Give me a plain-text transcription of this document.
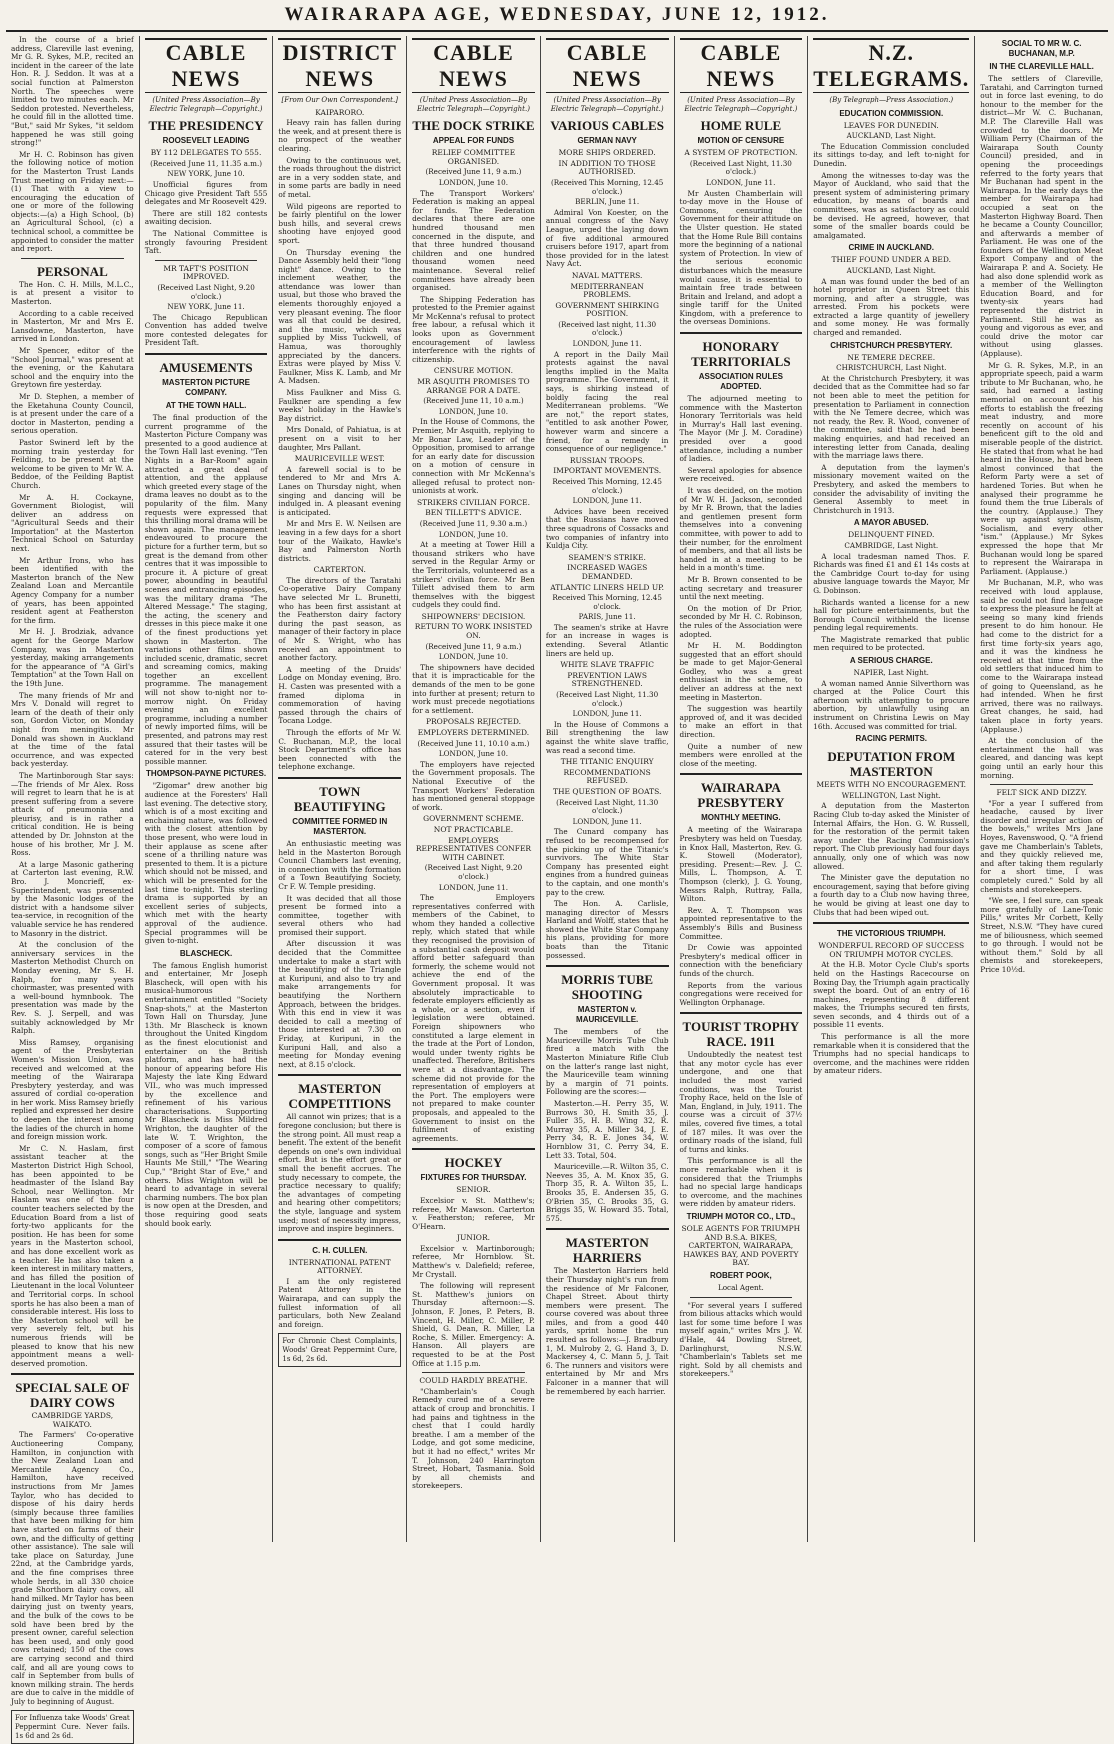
WAIRARAPA AGE, WEDNESDAY, JUNE 12, 1912.

In the course of a brief address, Clareville last evening, Mr G. R. Sykes, M.P., recited an incident in the career of the late Hon. R. J. Seddon. It was at a social function at Palmerston North. The speeches were limited to two minutes each. Mr Seddon protested. Nevertheless, he could fill in the allotted time. "But," said Mr Sykes, "it seldom happened he was still going strong!"

Mr H. C. Robinson has given the following notice of motion for the Masterton Trust Lands Trust meeting on Friday next:—(1) That with a view to encouraging the education of one or more of the following objects:—(a) a High School, (b) an Agricultural School, (c) a technical school, a committee be appointed to consider the matter and report.

PERSONAL

The Hon. C. H. Mills, M.L.C., is at present a visitor to Masterton.

According to a cable received in Masterton, Mr and Mrs E. Lansdowne, Masterton, have arrived in London.

Mr Spencer, editor of the "School Journal," was present at the evening, or the Kahutara school and the enquiry into the Greytown fire yesterday.

Mr D. Stephen, a member of the Eketahuna County Council, is at present under the care of a doctor in Masterton, pending a serious operation.

Pastor Swinerd left by the morning train yesterday for Feilding, to be present at the welcome to be given to Mr W. A. Beddoe, of the Feilding Baptist Church.

Mr A. H. Cockayne, Government Biologist, will deliver an address on "Agricultural Seeds and their Importation" at the Masterton Technical School on Saturday next.

Mr Arthur Irons, who has been identified with the Masterton branch of the New Zealand Loan and Mercantile Agency Company for a number of years, has been appointed resident agent at Featherston for the firm.

Mr H. J. Brodziak, advance agent for the George Marlow Company, was in Masterton yesterday, making arrangements for the appearance of "A Girl's Temptation" at the Town Hall on the 19th June.

The many friends of Mr and Mrs V. Donald will regret to learn of the death of their only son, Gordon Victor, on Monday night from meningitis. Mr Donald was shown in Auckland at the time of the fatal occurrence, and was expected back yesterday.

The Martinborough Star says:—The friends of Mr Alex. Ross will regret to learn that he is at present suffering from a severe attack of pneumonia and pleurisy, and is in rather a critical condition. He is being attended by Dr. Johnston at the house of his brother, Mr J. M. Ross.

At a large Masonic gathering at Carterton last evening, R.W. Bro. J. Moncrieff, ex-Superintendent, was presented by the Masonic lodges of the district with a handsome silver tea-service, in recognition of the valuable service he has rendered to Masonry in the district.

At the conclusion of the anniversary services in the Masterton Methodist Church on Monday evening, Mr S. H. Ralph, for many years choirmaster, was presented with a well-bound hymnbook. The presentation was made by the Rev. S. J. Serpell, and was suitably acknowledged by Mr Ralph.

Miss Ramsey, organising agent of the Presbyterian Women's Mission Union, was received and welcomed at the meeting of the Wairarapa Presbytery yesterday, and was assured of cordial co-operation in her work. Miss Ramsey briefly replied and expressed her desire to deepen the interest among the ladies of the church in home and foreign mission work.

Mr C. N. Haslam, first assistant teacher at the Masterton District High School, has been appointed to be headmaster of the Island Bay School, near Wellington. Mr Haslam was one of the four counter teachers selected by the Education Board from a list of forty-two applicants for the position. He has been for some years in the Masterton school, and has done excellent work as a teacher. He has also taken a keen interest in military matters, and has filled the position of Lieutenant in the local Volunteer and Territorial corps. In school sports he has also been a man of considerable interest. His loss to the Masterton school will be very severely felt, but his numerous friends will be pleased to know that his new appointment means a well-deserved promotion.

SPECIAL SALE OF DAIRY COWS
CAMBRIDGE YARDS, WAIKATO.

The Farmers' Co-operative Auctioneering Company, Hamilton, in conjunction with the New Zealand Loan and Mercantile Agency Co., Hamilton, have received instructions from Mr James Taylor, who has decided to dispose of his dairy herds (simply because three families that have been milking for him have started on farms of their own, and the difficulty of getting other assistance). The sale will take place on Saturday, June 22nd, at the Cambridge yards, and the fine comprises three whole herds, in all 330 choice grade Shorthorn dairy cows, all hand milked. Mr Taylor has been dairying just on twenty years, and the bulk of the cows to be sold have been bred by the present owner, careful selection has been used, and only good cows retained; 150 of the cows are carrying second and third calf, and all are young cows to calf in September from bulls of known milking strain. The herds are due to calve in the middle of July to beginning of August.

For Influenza take Woods' Great Peppermint Cure. Never fails. 1s 6d and 2s 6d.
CABLE NEWS
(United Press Association—By Electric Telegraph—Copyright.)
THE PRESIDENCY
ROOSEVELT LEADING
BY 112 DELEGATES TO 555.
(Received June 11, 11.35 a.m.)
NEW YORK, June 10.

Unofficial figures from Chicago give President Taft 555 delegates and Mr Roosevelt 429.

There are still 182 contests awaiting decision.

The National Committee is strongly favouring President Taft.

MR TAFT'S POSITION IMPROVED.
(Received Last Night, 9.20 o'clock.)
NEW YORK, June 11.

The Chicago Republican Convention has added twelve more contested delegates for President Taft.

AMUSEMENTS
MASTERTON PICTURE COMPANY.
AT THE TOWN HALL.

The final production of the current programme of the Masterton Picture Company was presented to a good audience at the Town Hall last evening. "Ten Nights in a Bar-Room" again attracted a great deal of attention, and the applause which greeted every stage of the drama leaves no doubt as to the popularity of the film. Many requests were expressed that this thrilling moral drama will be shown again. The management endeavoured to procure the picture for a further term, but so great is the demand from other centres that it was impossible to procure it. A picture of great power, abounding in beautiful scenes and entrancing episodes, was the military drama "The Altered Message." The staging, the acting, the scenery and dresses in this piece make it one of the finest productions yet shown in Masterton. The variations other films shown included scenic, dramatic, secret and screaming comics, making together an excellent programme. The management will not show to-night nor to-morrow night. On Friday evening an excellent programme, including a number of newly imported films, will be presented, and patrons may rest assured that their tastes will be catered for in the very best possible manner.

THOMPSON-PAYNE PICTURES.

"Zigomar" drew another big audience at the Foresters' Hall last evening. The detective story, which is of a most exciting and enchaining nature, was followed with the closest attention by those present, who were loud in their applause as scene after scene of a thrilling nature was presented to them. It is a picture which should not be missed, and which will be presented for the last time to-night. This sterling drama is supported by an excellent series of subjects, which met with the hearty approval of the audience. Special programmes will be given to-night.

BLASCHECK.

The famous English humorist and entertainer, Mr Joseph Blascheck, will open with his musical-humorous entertainment entitled "Society Snap-shots," at the Masterton Town Hall on Thursday, June 13th. Mr Blascheck is known throughout the United Kingdom as the finest elocutionist and entertainer on the British platform, and has had the honour of appearing before His Majesty the late King Edward VII., who was much impressed by the excellence and refinement of his various characterisations. Supporting Mr Blascheck is Miss Mildred Wrighton, the daughter of the late W. T. Wrighton, the composer of a score of famous songs, such as "Her Bright Smile Haunts Me Still," "The Wearing Cup," "Bright Star of Eve," and others. Miss Wrighton will be heard to advantage in several charming numbers. The box plan is now open at the Dresden, and those requiring good seats should book early.

DISTRICT NEWS
[From Our Own Correspondent.]
KAIPARORO.

Heavy rain has fallen during the week, and at present there is no prospect of the weather clearing.

Owing to the continuous wet, the roads throughout the district are in a very sodden state, and in some parts are badly in need of metal.

Wild pigeons are reported to be fairly plentiful on the lower bush hills, and several crews shooting have enjoyed good sport.

On Thursday evening the Dance Assembly held their "long night" dance. Owing to the inclement weather, the attendance was lower than usual, but those who braved the elements thoroughly enjoyed a very pleasant evening. The floor was all that could be desired, and the music, which was supplied by Miss Tuckwell, of Hamua, was thoroughly appreciated by the dancers. Extras were played by Miss V. Faulkner, Miss K. Lamb, and Mr A. Madsen.

Miss Faulkner and Miss G. Faulkner are spending a few weeks' holiday in the Hawke's Bay district.

Mrs Donald, of Pahiatua, is at present on a visit to her daughter, Mrs Pallant.

MAURICEVILLE WEST.

A farewell social is to be tendered to Mr and Mrs A. Lanes on Thursday night, when singing and dancing will be indulged in. A pleasant evening is anticipated.

Mr and Mrs E. W. Neilsen are leaving in a few days for a short tour of the Waikato, Hawke's Bay and Palmerston North districts.

CARTERTON.

The directors of the Taratahi Co-operative Dairy Company have selected Mr L. Brunetti, who has been first assistant at the Featherston dairy factory during the past season, as manager of their factory in place of Mr S. Wright, who has received an appointment to another factory.

A meeting of the Druids' Lodge on Monday evening, Bro. H. Casten was presented with a framed diploma in commemoration of having passed through the chairs of Tocana Lodge.

Through the efforts of Mr W. C. Buchanan, M.P., the local Stock Department's office has been connected with the telephone exchange.

TOWN BEAUTIFYING
COMMITTEE FORMED IN MASTERTON.

An enthusiastic meeting was held in the Masterton Borough Council Chambers last evening, in connection with the formation of a Town Beautifying Society, Cr F. W. Temple presiding.

It was decided that all those present be formed into a committee, together with several others who had promised their support.

After discussion it was decided that the Committee undertake to make a start with the beautifying of the Triangle at Kuripuni, and also to try and make arrangements for beautifying the Northern Approach, between the bridges. With this end in view it was decided to call a meeting of those interested at 7.30 on Friday, at Kuripuni, in the Kuripuni Hall, and also a meeting for Monday evening next, at 8.15 o'clock.

MASTERTON COMPETITIONS

All cannot win prizes; that is a foregone conclusion; but there is the strong point. All must reap a benefit. The extent of the benefit depends on one's own individual effort. But is the effort great or small the benefit accrues. The study necessary to compete, the practice necessary to qualify; the advantages of competing and hearing other competitors; the style, language and system used; most of necessity impress, improve and inspire beginners.

C. H. CULLEN.
INTERNATIONAL PATENT ATTORNEY.

I am the only registered Patent Attorney in the Wairarapa, and can supply the fullest information of all particulars, both New Zealand and foreign.

For Chronic Chest Complaints, Woods' Great Peppermint Cure, 1s 6d, 2s 6d.
CABLE NEWS
(United Press Association—By Electric Telegraph—Copyright.)
THE DOCK STRIKE
APPEAL FOR FUNDS
RELIEF COMMITTEE ORGANISED.
(Received June 11, 9 a.m.)
LONDON, June 10.

The Transport Workers' Federation is making an appeal for funds. The Federation declares that there are one hundred thousand men concerned in the dispute, and that three hundred thousand children and one hundred thousand women need maintenance. Several relief committees have already been organised.

The Shipping Federation has protested to the Premier against Mr McKenna's refusal to protect free labour, a refusal which it looks upon as Government encouragement of lawless interference with the rights of citizenship.

CENSURE MOTION.
MR ASQUITH PROMISES TO ARRANGE FOR A DATE.
(Received June 11, 10 a.m.)
LONDON, June 10.

In the House of Commons, the Premier, Mr Asquith, replying to Mr Bonar Law, Leader of the Opposition, promised to arrange for an early date for discussion on a motion of censure in connection with Mr McKenna's alleged refusal to protect non-unionists at work.

STRIKERS CIVILIAN FORCE.
BEN TILLETT'S ADVICE.
(Received June 11, 9.30 a.m.)
LONDON, June 10.

At a meeting at Tower Hill a thousand strikers who have served in the Regular Army or the Territorials, volunteered as a strikers' civilian force. Mr Ben Tillett advised them to arm themselves with the biggest cudgels they could find.

SHIPOWNERS' DECISION.
RETURN TO WORK INSISTED ON.
(Received June 11, 9 a.m.)
LONDON, June 10.

The shipowners have decided that it is impracticable for the demands of the men to be gone into further at present; return to work must precede negotiations for a settlement.

PROPOSALS REJECTED.
EMPLOYERS DETERMINED.
(Received June 11, 10.10 a.m.)
LONDON, June 10.

The employers have rejected the Government proposals. The National Executive of the Transport Workers' Federation has mentioned general stoppage of work.

GOVERNMENT SCHEME.
NOT PRACTICABLE.
EMPLOYERS REPRESENTATIVES CONFER WITH CABINET.
(Received Last Night, 9.20 o'clock.)
LONDON, June 11.

The Employers representatives conferred with members of the Cabinet, to whom they handed a collective reply, which stated that while they recognised the provision of a substantial cash deposit would afford better safeguard than formerly, the scheme would not achieve the end of the Government proposal. It was absolutely impracticable to federate employers efficiently as a whole, or a section, even if legislation were obtained. Foreign shipowners who constituted a large element in the trade at the Port of London, would under twenty rights be unaffected. Therefore, Britishers were at a disadvantage. The scheme did not provide for the representation of employers at the Port. The employers were not prepared to make counter proposals, and appealed to the Government to insist on the fulfilment of existing agreements.

HOCKEY
FIXTURES FOR THURSDAY.
SENIOR.

Excelsior v. St. Matthew's; referee, Mr Mawson. Carterton v. Featherston; referee, Mr O'Hearn.

JUNIOR.

Excelsior v. Martinborough; referee, Mr Hornblow. St. Matthew's v. Dalefield; referee, Mr Crystall.

The following will represent St. Matthew's juniors on Thursday afternoon:—S. Johnson, F. Jones, P. Peters, B. Vincent, H. Miller, C. Miller, P. Shield, G. Dean, R. Miller, La Roche, S. Miller. Emergency: A. Hanson. All players are requested to be at the Post Office at 1.15 p.m.

COULD HARDLY BREATHE.

"Chamberlain's Cough Remedy cured me of a severe attack of croup and bronchitis. I had pains and tightness in the chest that I could hardly breathe. I am a member of the Lodge, and got some medicine, but it had no effect," writes Mr T. Johnson, 240 Harrington Street, Hobart, Tasmania. Sold by all chemists and storekeepers.

CABLE NEWS
(United Press Association—By Electric Telegraph—Copyright.)
VARIOUS CABLES
GERMAN NAVY
MORE SHIPS ORDERED.
IN ADDITION TO THOSE AUTHORISED.
(Received This Morning, 12.45 o'clock.)
BERLIN, June 11.

Admiral Von Koester, on the annual congress of the Navy League, urged the laying down of five additional armoured cruisers before 1917, apart from those provided for in the latest Navy Act.

NAVAL MATTERS.
MEDITERRANEAN PROBLEMS.
GOVERNMENT SHIRKING POSITION.
(Received last night, 11.30 o'clock.)
LONDON, June 11.

A report in the Daily Mail protests against the naval lengths implied in the Malta programme. The Government, it says, is shirking instead of boldly facing the real Mediterranean problems. "We are not," the report states, "entitled to ask another Power, however warm and sincere a friend, for a remedy in consequence of our negligence."

RUSSIAN TROOPS.
IMPORTANT MOVEMENTS.
Received This Morning, 12.45 o'clock.)
LONDON, June 11.

Advices have been received that the Russians have moved three squadrons of Cossacks and two companies of infantry into Kuldja City.

SEAMEN'S STRIKE.
INCREASED WAGES DEMANDED.
ATLANTIC LINERS HELD UP.
Received This Morning, 12.45 o'clock.
PARIS, June 11.

The seamen's strike at Havre for an increase in wages is extending. Several Atlantic liners are held up.

WHITE SLAVE TRAFFIC
PREVENTION LAWS STRENGTHENED.
(Received Last Night, 11.30 o'clock.)
LONDON, June 11.

In the House of Commons a Bill strengthening the law against the white slave traffic, was read a second time.

THE TITANIC ENQUIRY
RECOMMENDATIONS REFUSED.
THE QUESTION OF BOATS.
(Received Last Night, 11.30 o'clock.)
LONDON, June 11.

The Cunard company has refused to be recompensed for the picking up of the Titanic's survivors. The White Star Company has presented eight engines from a hundred guineas to the captain, and one month's pay to the crew.

The Hon. A. Carlisle, managing director of Messrs Harland and Wolff, states that he showed the White Star Company his plans, providing for more boats than the Titanic possessed.

MORRIS TUBE SHOOTING
MASTERTON v. MAURICEVILLE.

The members of the Mauriceville Morris Tube Club fired a match with the Masterton Miniature Rifle Club on the latter's range last night, the Mauriceville team winning by a margin of 71 points. Following are the scores:—

Masterton.—H. Perry 35, W. Burrows 30, H. Smith 35, J. Fuller 35, H. B. Wing 32, R. Murray 35, A. Miller 34, J. E. Perry 34, R. E. Jones 34, W. Hornblow 31, C. Perry 34, E. Lett 33. Total, 504.

Mauriceville.—R. Wilton 35, C. Neeves 35, A. M. Knox 35, G. Thorp 35, R. A. Wilton 35, L. Brooks 35, E. Andersen 35, G. O'Brien 35, C. Brooks 35, G. Briggs 35, W. Howard 35. Total, 575.

MASTERTON HARRIERS

The Masterton Harriers held their Thursday night's run from the residence of Mr Falconer, Chapel Street. About thirty members were present. The course covered was about three miles, and from a good 440 yards, sprint home the run resulted as follows:—J. Bradbury 1, M. Mulroby 2, G. Hand 3, D. Mackersey 4, C. Mann 5, J. Tait 6. The runners and visitors were entertained by Mr and Mrs Falconer in a manner that will be remembered by each harrier.

CABLE NEWS
(United Press Association—By Electric Telegraph—Copyright.)
HOME RULE
MOTION OF CENSURE
A SYSTEM OF PROTECTION.
(Received Last Night, 11.30 o'clock.)
LONDON, June 11.

Mr Austen Chamberlain will to-day move in the House of Commons, censuring the Government for their attitude on the Ulster question. He stated that the Home Rule Bill contains more the beginning of a national system of Protection. In view of the serious economic disturbances which the measure would cause, it is essential to maintain free trade between Britain and Ireland, and adopt a single tariff for the United Kingdom, with a preference to the overseas Dominions.

HONORARY TERRITORIALS
ASSOCIATION RULES ADOPTED.

The adjourned meeting to commence with the Masterton Honorary Territorials was held in Murray's Hall last evening. The Mayor (Mr J. M. Coradine) presided over a good attendance, including a number of ladies.

Several apologies for absence were received.

It was decided, on the motion of Mr W. H. Jackson, seconded by Mr R. Brown, that the ladies and gentlemen present form themselves into a convening committee, with power to add to their number, for the enrolment of members, and that all lists be handed in at a meeting to be held in a month's time.

Mr B. Brown consented to be acting secretary and treasurer until the next meeting.

On the motion of Dr Prior, seconded by Mr H. C. Robinson, the rules of the Association were adopted.

Mr H. M. Boddington suggested that an effort should be made to get Major-General Godley, who was a great enthusiast in the scheme, to deliver an address at the next meeting in Masterton.

The suggestion was heartily approved of, and it was decided to make an effort in that direction.

Quite a number of new members were enrolled at the close of the meeting.

WAIRARAPA PRESBYTERY
MONTHLY MEETING.

A meeting of the Wairarapa Presbytery was held on Tuesday, in Knox Hall, Masterton, Rev. G. K. Stowell (Moderator), presiding. Present:—Rev. J. C. Mills, L. Thompson, A. T. Thompson (clerk), J. G. Young, Messrs Ralph, Ruttray, Falla, Wilton.

Rev. A. T. Thompson was appointed representative to the Assembly's Bills and Business Committee.

Dr Cowie was appointed Presbytery's medical officer in connection with the beneficiary funds of the church.

Reports from the various congregations were received for Wellington Orphanage.

TOURIST TROPHY RACE. 1911

Undoubtedly the neatest test that any motor cycle has ever undergone, and one that included the most varied conditions, was the Tourist Trophy Race, held on the Isle of Man, England, in July, 1911. The course was a circuit of 37½ miles, covered five times, a total of 187 miles. It was over the ordinary roads of the island, full of turns and kinks.

This performance is all the more remarkable when it is considered that the Triumphs had no special large handicaps to overcome, and the machines were ridden by amateur riders.

TRIUMPH MOTOR CO., LTD.,
SOLE AGENTS FOR TRIUMPH AND B.S.A. BIKES, CARTERTON, WAIRARAPA, HAWKES BAY, AND POVERTY BAY.
ROBERT POOK,
Local Agent.

"For several years I suffered from bilious attacks which would last for some time before I was myself again," writes Mrs J. W. d'Hale, 44 Dowling Street, Darlinghurst, N.S.W. "Chamberlain's Tablets set me right. Sold by all chemists and storekeepers."

N.Z. TELEGRAMS.
(By Telegraph—Press Association.)
EDUCATION COMMISSION.
LEAVES FOR DUNEDIN.
AUCKLAND, Last Night.

The Education Commission concluded its sittings to-day, and left to-night for Dunedin.

Among the witnesses to-day was the Mayor of Auckland, who said that the present system of administering primary education, by means of boards and committees, was as satisfactory as could be devised. He agreed, however, that some of the smaller boards could be amalgamated.

CRIME IN AUCKLAND.
THIEF FOUND UNDER A BED.
AUCKLAND, Last Night.

A man was found under the bed of an hotel proprietor in Queen Street this morning, and after a struggle, was arrested. From his pockets were extracted a large quantity of jewellery and some money. He was formally charged and remanded.

CHRISTCHURCH PRESBYTERY.
NE TEMERE DECREE.
CHRISTCHURCH, Last Night.

At the Christchurch Presbytery, it was decided that as the Committee had so far not been able to meet the petition for presentation to Parliament in connection with the Ne Temere decree, which was not ready, the Rev. R. Wood, convener of the committee, said that he had been making enquiries, and had received an interesting letter from Canada, dealing with the marriage laws there.

A deputation from the laymen's missionary movement waited on the Presbytery, and asked the members to consider the advisability of inviting the General Assembly to meet in Christchurch in 1913.

A MAYOR ABUSED.
DELINQUENT FINED.
CAMBRIDGE, Last Night.

A local tradesman named Thos. F. Richards was fined £1 and £1 14s costs at the Cambridge Court to-day for using abusive language towards the Mayor, Mr G. Dobinson.

Richards wanted a license for a new hall for picture entertainments, but the Borough Council withheld the license pending legal requirements.

The Magistrate remarked that public men required to be protected.

A SERIOUS CHARGE.
NAPIER, Last Night.

A woman named Annie Silverthorn was charged at the Police Court this afternoon with attempting to procure abortion, by unlawfully using an instrument on Christina Lewis on May 16th. Accused was committed for trial.

RACING PERMITS.
DEPUTATION FROM MASTERTON
MEETS WITH NO ENCOURAGEMENT.
WELLINGTON, Last Night.

A deputation from the Masterton Racing Club to-day asked the Minister of Internal Affairs, the Hon. G. W. Russell, for the restoration of the permit taken away under the Racing Commission's report. The Club previously had four days annually, only one of which was now allowed.

The Minister gave the deputation no encouragement, saying that before giving a fourth day to a Club now having three, he would be giving at least one day to Clubs that had been wiped out.

THE VICTORIOUS TRIUMPH.
WONDERFUL RECORD OF SUCCESS ON TRIUMPH MOTOR CYCLES.

At the H.B. Motor Cycle Club's sports held on the Hastings Racecourse on Boxing Day, the Triumph again practically swept the board. Out of an entry of 16 machines, representing 8 different makes, the Triumphs secured ten firsts, seven seconds, and 4 thirds out of a possible 11 events.

This performance is all the more remarkable when it is considered that the Triumphs had no special handicaps to overcome, and the machines were ridden by amateur riders.

SOCIAL TO MR W. C. BUCHANAN, M.P.
IN THE CLAREVILLE HALL.

The settlers of Clareville, Taratahi, and Carrington turned out in force last evening, to do honour to the member for the district—Mr W. C. Buchanan, M.P. The Clareville Hall was crowded to the doors. Mr William Perry (Chairman of the Wairarapa South County Council) presided, and in opening the proceedings referred to the forty years that Mr Buchanan had spent in the Wairarapa. In the early days the member for Wairarapa had occupied a seat on the Masterton Highway Board. Then he became a County Councillor, and afterwards a member of Parliament. He was one of the founders of the Wellington Meat Export Company and of the Wairarapa P. and A. Society. He had also done splendid work as a member of the Wellington Education Board, and for twenty-six years had represented the district in Parliament. Still he was as young and vigorous as ever, and could drive the motor car without using glasses. (Applause).

Mr G. R. Sykes, M.P., in an appropriate speech, paid a warm tribute to Mr Buchanan, who, he said, had earned a lasting memorial on account of his efforts to establish the freezing meat industry, and more recently on account of his beneficent gift to the old and miserable people of the district. He stated that from what he had heard in the House, he had been almost convinced that the Reform Party were a set of hardened Tories. But when he analysed their programme he found them the true Liberals of the country. (Applause.) They were up against syndicalism, Socialism, and every other "ism." (Applause.) Mr Sykes expressed the hope that Mr Buchanan would long be spared to represent the Wairarapa in Parliament. (Applause.)

Mr Buchanan, M.P., who was received with loud applause, said he could not find language to express the pleasure he felt at seeing so many kind friends present to do him honour. He had come to the district for a first time forty-six years ago, and it was the kindness he received at that time from the old settlers that induced him to come to the Wairarapa instead of going to Queensland, as he had intended. When he first arrived, there was no railways. Great changes, he said, had taken place in forty years. (Applause.)

At the conclusion of the entertainment the hall was cleared, and dancing was kept going until an early hour this morning.

FELT SICK AND DIZZY.

"For a year I suffered from headache, caused by liver disorder and irregular action of the bowels," writes Mrs Jane Hoyes, Ravenswood, Q. "A friend gave me Chamberlain's Tablets, and they quickly relieved me, and after taking them regularly for a short time, I was completely cured." Sold by all chemists and storekeepers.

"We see, I feel sure, can speak more gratefully of Lane-Tonic Pills," writes Mr Corbett, Kelly Street, N.S.W. "They have cured me of biliousness, which seemed to go through. I would not be without them." Sold by all chemists and storekeepers, Price 10½d.
